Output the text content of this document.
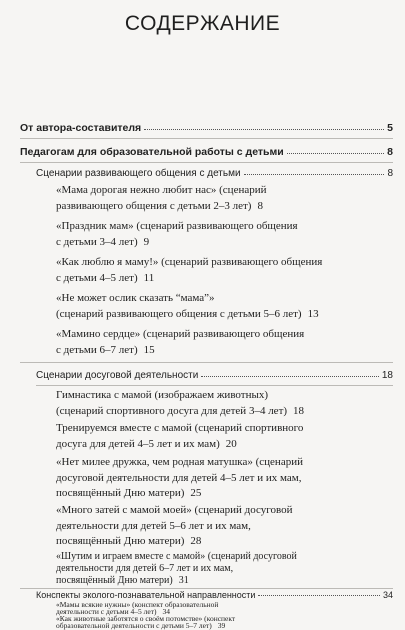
СОДЕРЖАНИЕ
От автора-составителя	5
Педагогам для образовательной работы с детьми	8
Сценарии развивающего общения с детьми	8
«Мама дорогая нежно любит нас» (сценарий
развивающего общения с детьми 2–3 лет) 8
«Праздник мам» (сценарий развивающего общения
с детьми 3–4 лет) 9
«Как люблю я маму!» (сценарий развивающего общения
с детьми 4–5 лет) 11
«Не может ослик сказать “мама”»
(сценарий развивающего общения с детьми 5–6 лет) 13
«Мамино сердце» (сценарий развивающего общения
с детьми 6–7 лет) 15
Сценарии досуговой деятельности	18
Гимнастика с мамой (изображаем животных)
(сценарий спортивного досуга для детей 3–4 лет) 18
Тренируемся вместе с мамой (сценарий спортивного
досуга для детей 4–5 лет и их мам) 20
«Нет милее дружка, чем родная матушка» (сценарий
досуговой деятельности для детей 4–5 лет и их мам,
посвящённый Дню матери) 25
«Много затей с мамой моей» (сценарий досуговой
деятельности для детей 5–6 лет и их мам,
посвящённый Дню матери) 28
«Шутим и играем вместе с мамой» (сценарий досуговой
деятельности для детей 6–7 лет и их мам,
посвящённый Дню матери) 31
Конспекты эколого-познавательной направленности	34
«Мамы всякие нужны» (конспект образовательной
деятельности с детьми 4–5 лет) 34
«Как животные заботятся о своём потомстве» (конспект
образовательной деятельности с детьми 5–7 лет) 39
